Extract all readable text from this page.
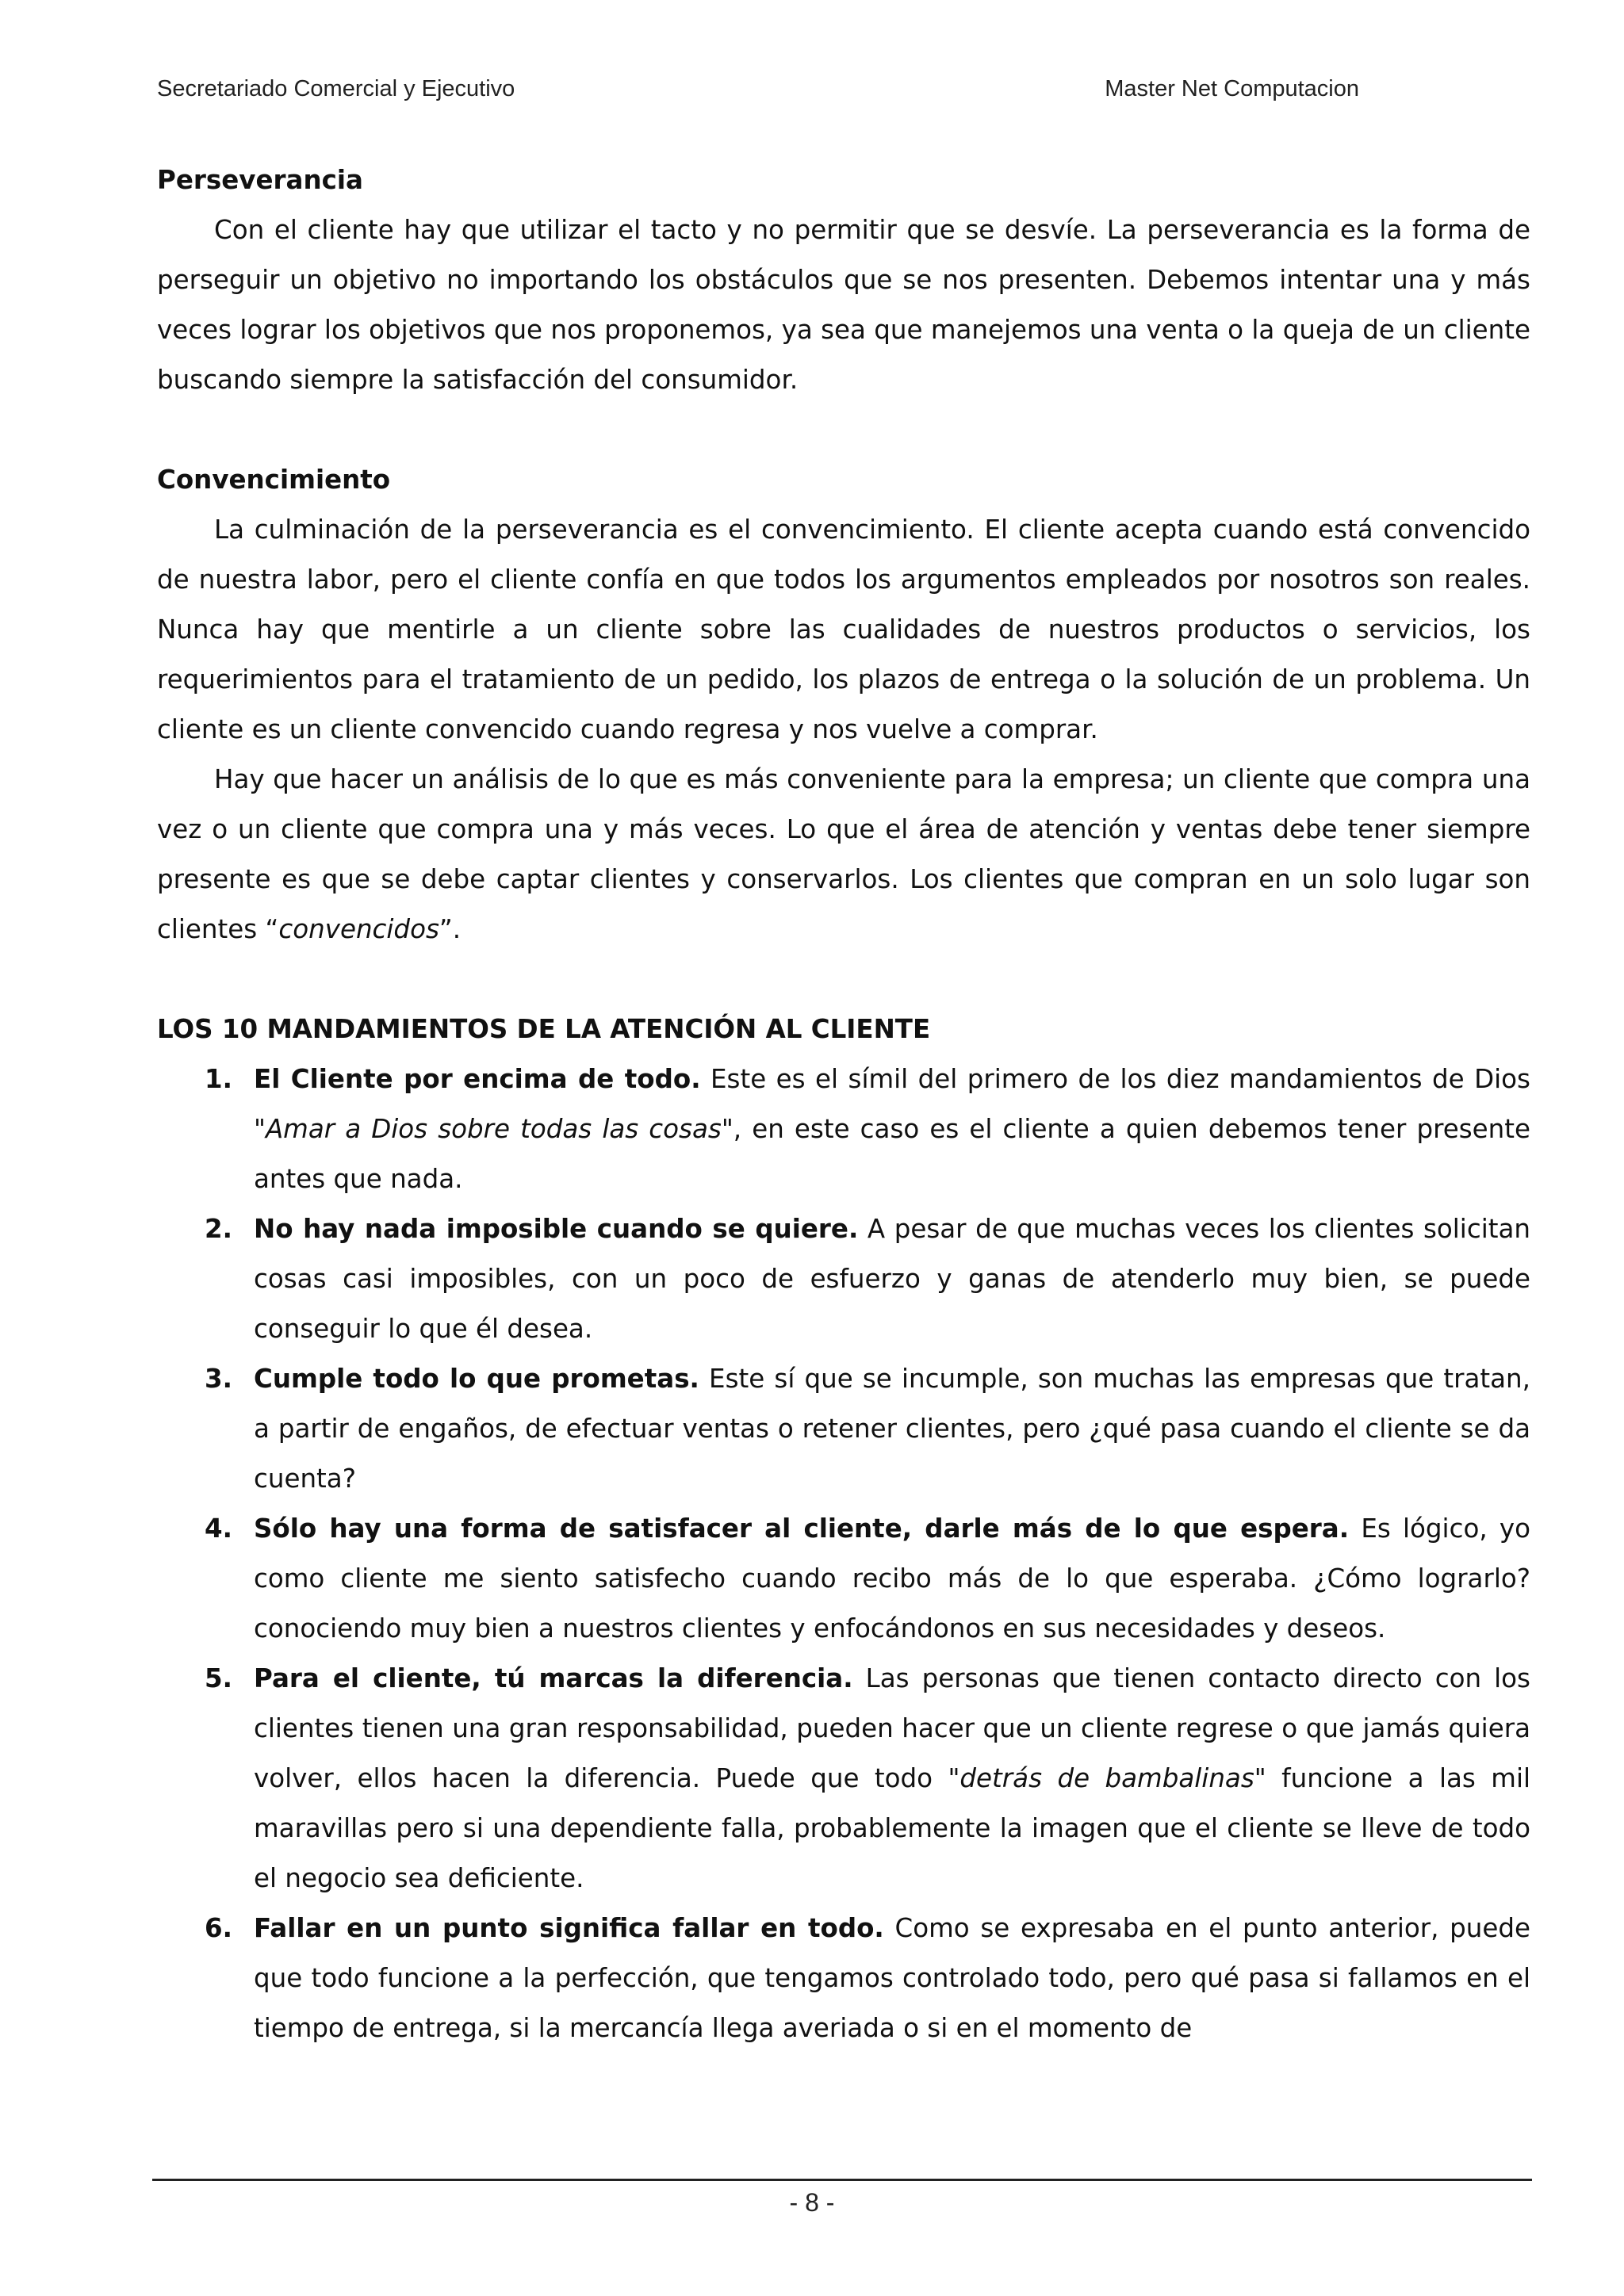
Secretariado Comercial y Ejecutivo	Master Net Computacion

Perseverancia

Con el cliente hay que utilizar el tacto y no permitir que se desvíe. La perseverancia es la forma de perseguir un objetivo no importando los obstáculos que se nos presenten. Debemos intentar una y más veces lograr los objetivos que nos proponemos, ya sea que manejemos una venta o la queja de un cliente buscando siempre la satisfacción del consumidor.

Convencimiento

La culminación de la perseverancia es el convencimiento. El cliente acepta cuando está convencido de nuestra labor, pero el cliente confía en que todos los argumentos empleados por nosotros son reales. Nunca hay que mentirle a un cliente sobre las cualidades de nuestros productos o servicios, los requerimientos para el tratamiento de un pedido, los plazos de entrega o la solución de un problema. Un cliente es un cliente convencido cuando regresa y nos vuelve a comprar.

Hay que hacer un análisis de lo que es más conveniente para la empresa; un cliente que compra una vez o un cliente que compra una y más veces. Lo que el área de atención y ventas debe tener siempre presente es que se debe captar clientes y conservarlos. Los clientes que compran en un solo lugar son clientes “convencidos”.

LOS 10 MANDAMIENTOS DE LA ATENCIÓN AL CLIENTE

1. El Cliente por encima de todo. Este es el símil del primero de los diez mandamientos de Dios "Amar a Dios sobre todas las cosas", en este caso es el cliente a quien debemos tener presente antes que nada.
2. No hay nada imposible cuando se quiere. A pesar de que muchas veces los clientes solicitan cosas casi imposibles, con un poco de esfuerzo y ganas de atenderlo muy bien, se puede conseguir lo que él desea.
3. Cumple todo lo que prometas. Este sí que se incumple, son muchas las empresas que tratan, a partir de engaños, de efectuar ventas o retener clientes, pero ¿qué pasa cuando el cliente se da cuenta?
4. Sólo hay una forma de satisfacer al cliente, darle más de lo que espera. Es lógico, yo como cliente me siento satisfecho cuando recibo más de lo que esperaba. ¿Cómo lograrlo? conociendo muy bien a nuestros clientes y enfocándonos en sus necesidades y deseos.
5. Para el cliente, tú marcas la diferencia. Las personas que tienen contacto directo con los clientes tienen una gran responsabilidad, pueden hacer que un cliente regrese o que jamás quiera volver, ellos hacen la diferencia. Puede que todo "detrás de bambalinas" funcione a las mil maravillas pero si una dependiente falla, probablemente la imagen que el cliente se lleve de todo el negocio sea deficiente.
6. Fallar en un punto significa fallar en todo. Como se expresaba en el punto anterior, puede que todo funcione a la perfección, que tengamos controlado todo, pero qué pasa si fallamos en el tiempo de entrega, si la mercancía llega averiada o si en el momento de
- 8 -
